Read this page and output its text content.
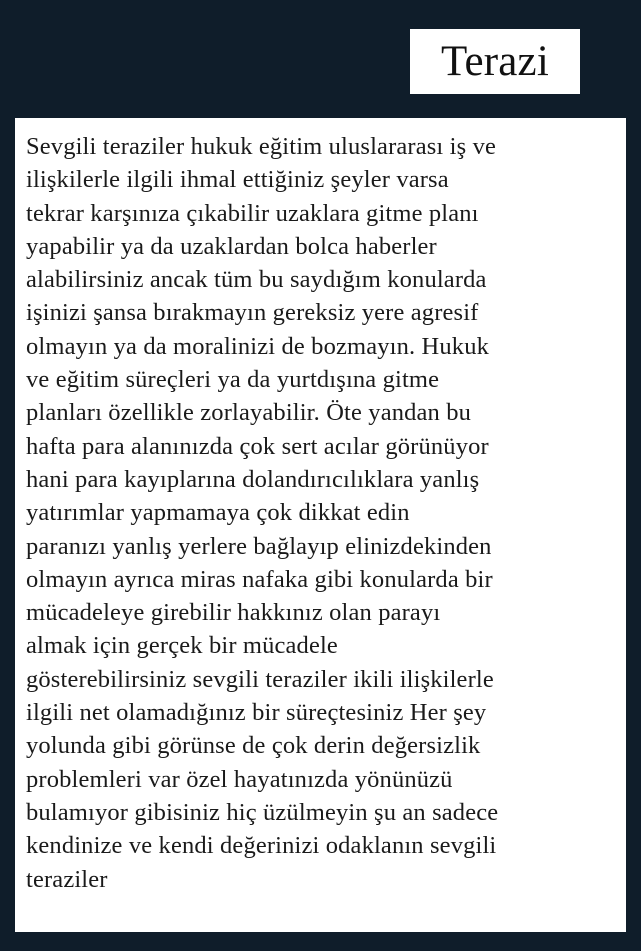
Terazi
Sevgili teraziler hukuk eğitim uluslararası iş ve
ilişkilerle ilgili ihmal ettiğiniz şeyler varsa
tekrar karşınıza çıkabilir uzaklara gitme planı
yapabilir ya da uzaklardan bolca haberler
alabilirsiniz ancak tüm bu saydığım konularda
işinizi şansa bırakmayın gereksiz yere agresif
olmayın ya da moralinizi de bozmayın. Hukuk
ve eğitim süreçleri ya da yurtdışına gitme
planları özellikle zorlayabilir. Öte yandan bu
hafta para alanınızda çok sert acılar görünüyor
hani para kayıplarına dolandırıcılıklara yanlış
yatırımlar yapmamaya çok dikkat edin
paranızı yanlış yerlere bağlayıp elinizdekinden
olmayın ayrıca miras nafaka gibi konularda bir
mücadeleye girebilir hakkınız olan parayı
almak için gerçek bir mücadele
gösterebilirsiniz sevgili teraziler ikili ilişkilerle
ilgili net olamadığınız bir süreçtesiniz Her şey
yolunda gibi görünse de çok derin değersizlik
problemleri var özel hayatınızda yönünüzü
bulamıyor gibisiniz hiç üzülmeyin şu an sadece
kendinize ve kendi değerinizi odaklanın sevgili
teraziler
